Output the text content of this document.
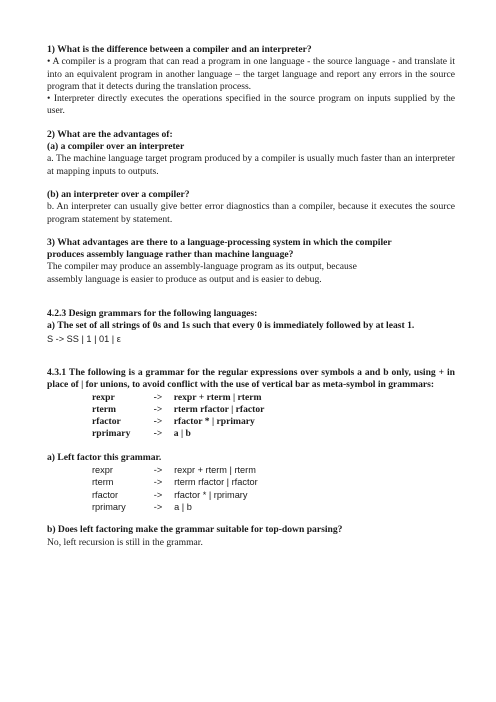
1) What is the difference between a compiler and an interpreter?
• A compiler is a program that can read a program in one language - the source language - and translate it into an equivalent program in another language – the target language and report any errors in the source program that it detects during the translation process.
• Interpreter directly executes the operations specified in the source program on inputs supplied by the user.
2) What are the advantages of:
(a) a compiler over an interpreter
a. The machine language target program produced by a compiler is usually much faster than an interpreter at mapping inputs to outputs.
(b) an interpreter over a compiler?
b. An interpreter can usually give better error diagnostics than a compiler, because it executes the source program statement by statement.
3) What advantages are there to a language-processing system in which the compiler
produces assembly language rather than machine language?
The compiler may produce an assembly-language program as its output, because
assembly language is easier to produce as output and is easier to debug.
4.2.3 Design grammars for the following languages:
a) The set of all strings of 0s and 1s such that every 0 is immediately followed by at least 1.
S -> SS | 1 | 01 | ε
4.3.1 The following is a grammar for the regular expressions over symbols a and b only, using + in place of | for unions, to avoid conflict with the use of vertical bar as meta-symbol in grammars:
rexpr	-> rexpr + rterm | rterm
rterm	-> rterm rfactor | rfactor
rfactor	-> rfactor * | rprimary
rprimary -> a | b
a) Left factor this grammar.
rexpr	-> rexpr + rterm | rterm
rterm	-> rterm rfactor | rfactor
rfactor	-> rfactor * | rprimary
rprimary	-> a | b
b) Does left factoring make the grammar suitable for top-down parsing?
No, left recursion is still in the grammar.
